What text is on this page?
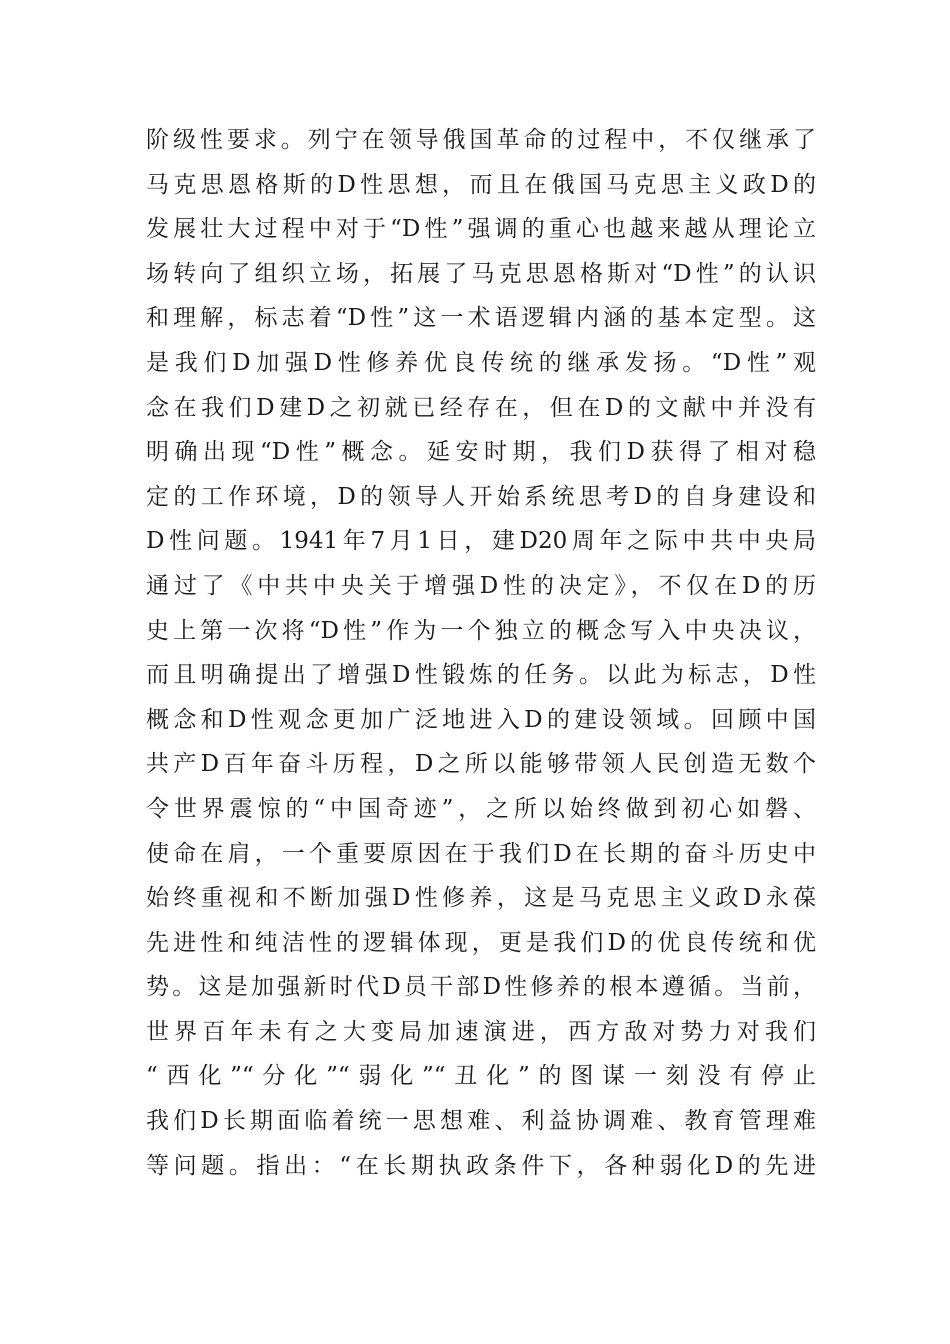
阶级性要求。列宁在领导俄国革命的过程中，不仅继承了
马克思恩格斯的D性思想，而且在俄国马克思主义政D的
发展壮大过程中对于“D性”强调的重心也越来越从理论立
场转向了组织立场，拓展了马克思恩格斯对“D性”的认识
和理解，标志着“D性”这一术语逻辑内涵的基本定型。这
是我们D加强D性修养优良传统的继承发扬。“D性”观
念在我们D建D之初就已经存在，但在D的文献中并没有
明确出现“D性”概念。延安时期，我们D获得了相对稳
定的工作环境，D的领导人开始系统思考D的自身建设和
D性问题。1941年7月1日，建D20周年之际中共中央局
通过了《中共中央关于增强D性的决定》，不仅在D的历
史上第一次将“D性”作为一个独立的概念写入中央决议，
而且明确提出了增强D性锻炼的任务。以此为标志，D性
概念和D性观念更加广泛地进入D的建设领域。回顾中国
共产D百年奋斗历程，D之所以能够带领人民创造无数个
令世界震惊的“中国奇迹”，之所以始终做到初心如磐、
使命在肩，一个重要原因在于我们D在长期的奋斗历史中
始终重视和不断加强D性修养，这是马克思主义政D永葆
先进性和纯洁性的逻辑体现，更是我们D的优良传统和优
势。这是加强新时代D员干部D性修养的根本遵循。当前，
世界百年未有之大变局加速演进，西方敌对势力对我们
“西化”“分化”“弱化”“丑化”的图谋一刻没有停止
我们D长期面临着统一思想难、利益协调难、教育管理难
等问题。指出：“在长期执政条件下，各种弱化D的先进
